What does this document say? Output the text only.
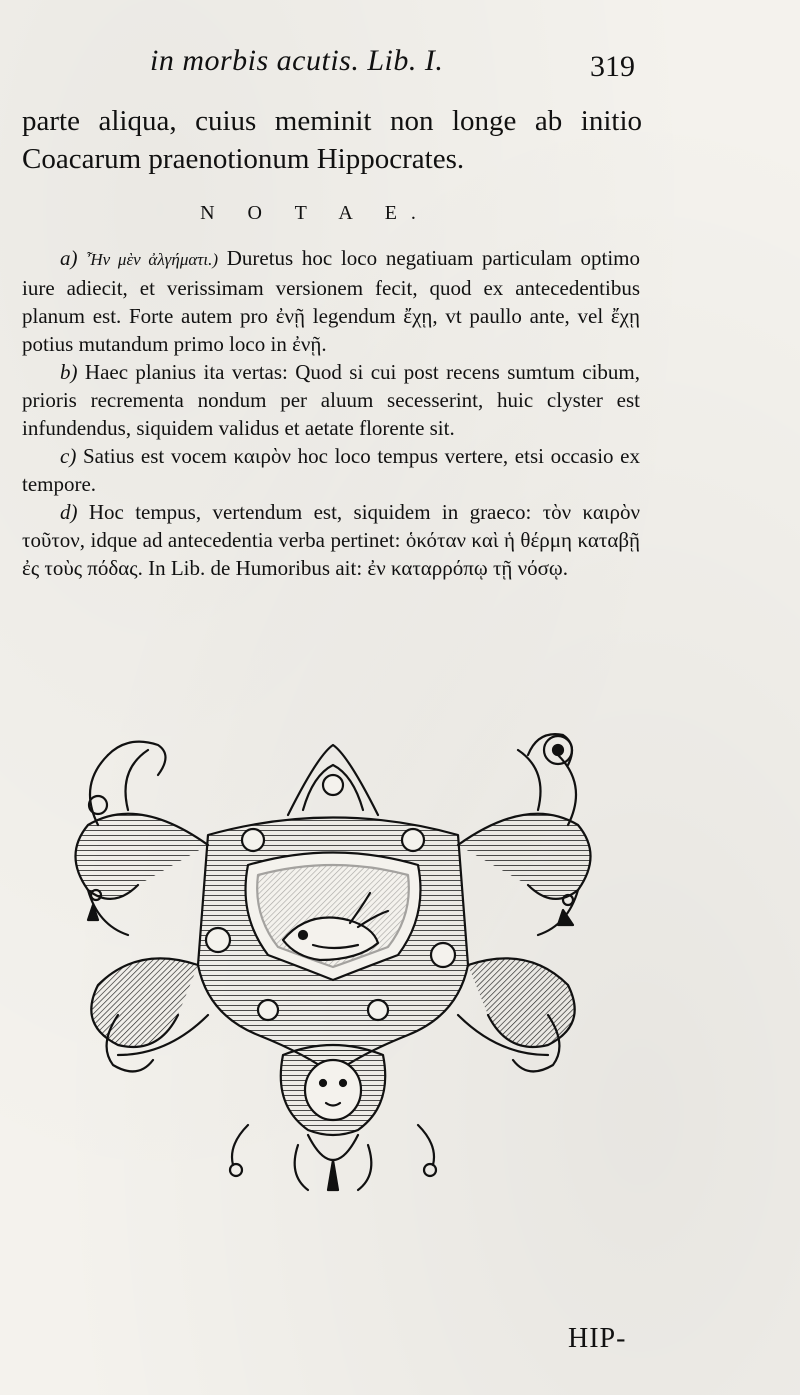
in morbis acutis. Lib. I.	319
parte aliqua, cuius meminit non longe ab initio Coacarum praenotionum Hippocrates.
N O T A E.

a) Ἦν μὲν ἀλγήματι.) Duretus hoc loco negatiuam particulam optimo iure adiecit, et verissimam versionem fecit, quod ex antecedentibus planum est. Forte autem pro ἐνῇ legendum ἔχῃ, vt paullo ante, vel ἔχῃ potius mutandum primo loco in ἐνῇ.

b) Haec planius ita vertas: Quod si cui post recens sumtum cibum, prioris recrementa nondum per aluum secesserint, huic clyster est infundendus, siquidem validus et aetate florente sit.

c) Satius est vocem καιρὸν hoc loco tempus vertere, etsi occasio ex tempore.

d) Hoc tempus, vertendum est, siquidem in graeco: τὸν καιρὸν τοῦτον, idque ad antecedentia verba pertinet: ὁκόταν καὶ ἡ θέρμη καταβῇ ἐς τοὺς πόδας. In Lib. de Humoribus ait: ἐν καταρρόπῳ τῇ νόσῳ.

HIP-
